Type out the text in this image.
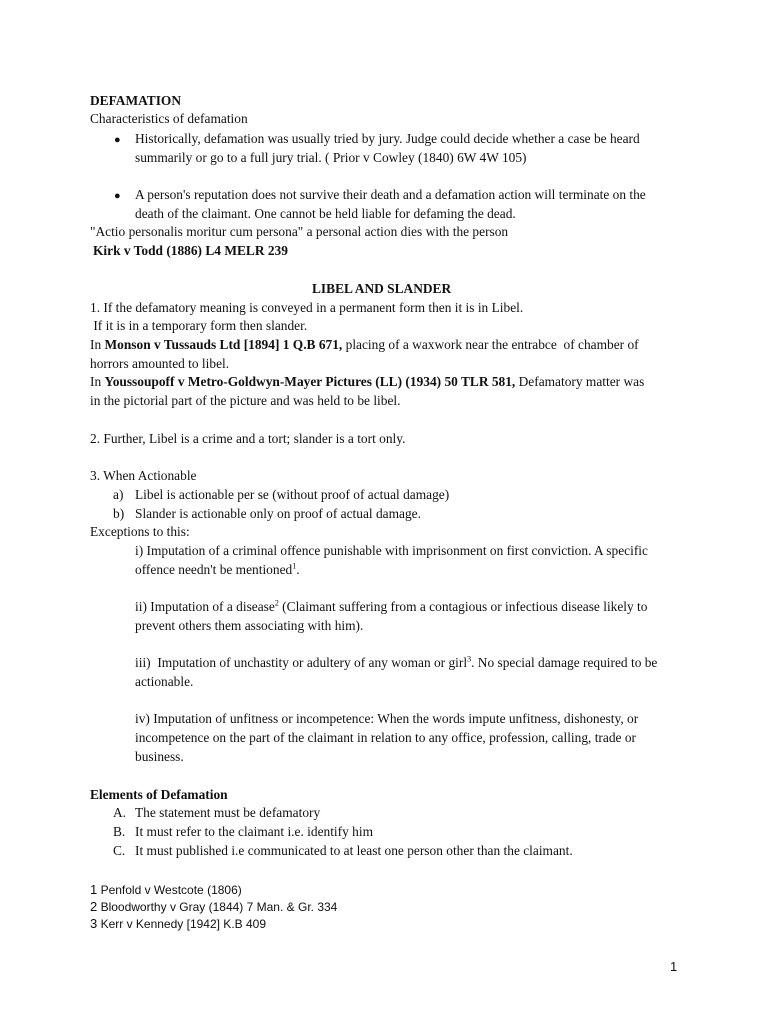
DEFAMATION
Characteristics of defamation
● Historically, defamation was usually tried by jury. Judge could decide whether a case be heard
summarily or go to a full jury trial. ( Prior v Cowley (1840) 6W 4W 105)
● A person's reputation does not survive their death and a defamation action will terminate on the
death of the claimant. One cannot be held liable for defaming the dead.
"Actio personalis moritur cum persona" a personal action dies with the person
Kirk v Todd (1886) L4 MELR 239
LIBEL AND SLANDER
1. If the defamatory meaning is conveyed in a permanent form then it is in Libel.
If it is in a temporary form then slander.
In Monson v Tussauds Ltd [1894] 1 Q.B 671, placing of a waxwork near the entrabce  of chamber of
horrors amounted to libel.
In Youssoupoff v Metro-Goldwyn-Mayer Pictures (LL) (1934) 50 TLR 581, Defamatory matter was
in the pictorial part of the picture and was held to be libel.
2. Further, Libel is a crime and a tort; slander is a tort only.
3. When Actionable
a) Libel is actionable per se (without proof of actual damage)
b) Slander is actionable only on proof of actual damage.
Exceptions to this:
i) Imputation of a criminal offence punishable with imprisonment on first conviction. A specific
offence needn't be mentioned$^1$.
ii) Imputation of a disease$^2$ (Claimant suffering from a contagious or infectious disease likely to
prevent others them associating with him).
iii)  Imputation of unchastity or adultery of any woman or girl$^3$. No special damage required to be
actionable.
iv) Imputation of unfitness or incompetence: When the words impute unfitness, dishonesty, or
incompetence on the part of the claimant in relation to any office, profession, calling, trade or
business.
Elements of Defamation
A. The statement must be defamatory
B. It must refer to the claimant i.e. identify him
C. It must published i.e communicated to at least one person other than the claimant.
1 Penfold v Westcote (1806)
2 Bloodworthy v Gray (1844) 7 Man. & Gr. 334
3 Kerr v Kennedy [1942] K.B 409
1
